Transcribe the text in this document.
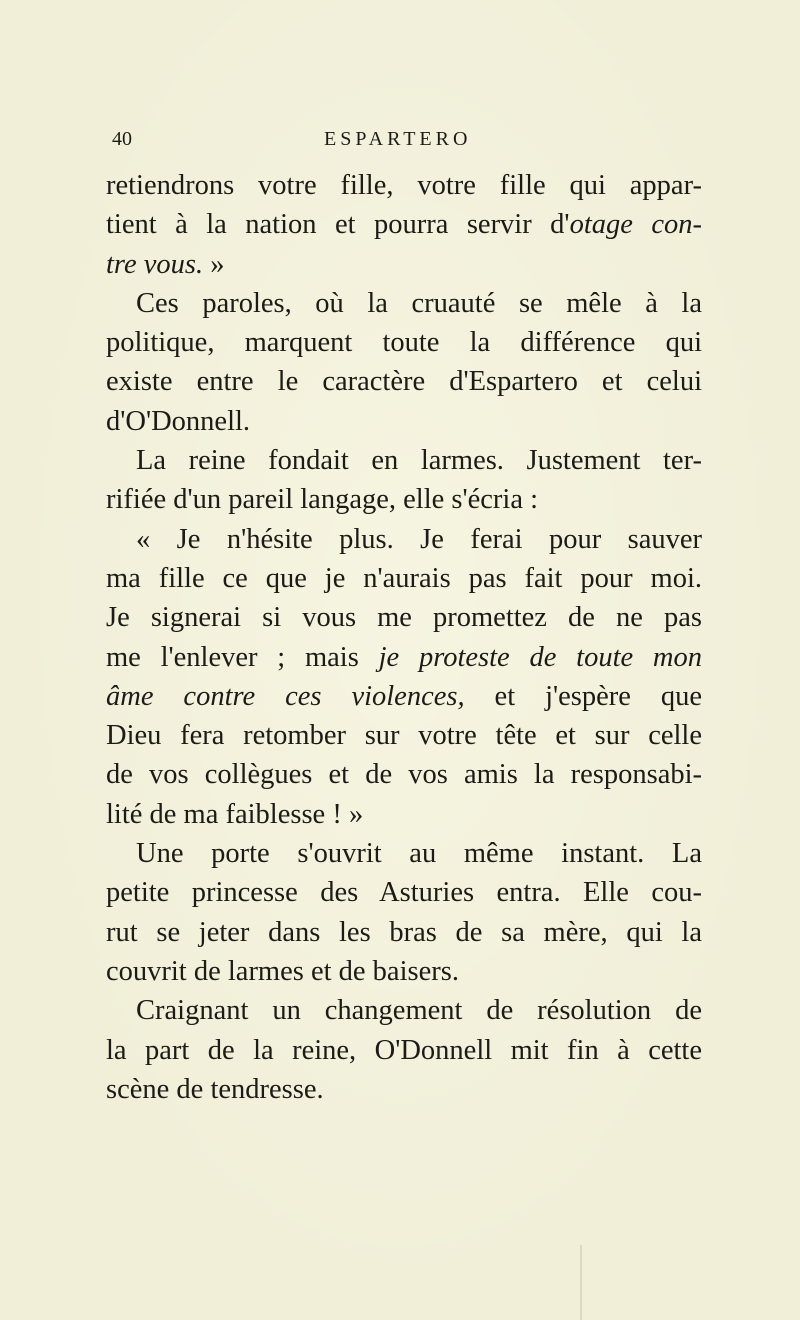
40	ESPARTERO
retiendrons votre fille, votre fille qui appar-
tient à la nation et pourra servir d'otage con-
tre vous. »
Ces paroles, où la cruauté se mêle à la
politique, marquent toute la différence qui
existe entre le caractère d'Espartero et celui
d'O'Donnell.
La reine fondait en larmes. Justement ter-
rifiée d'un pareil langage, elle s'écria :
« Je n'hésite plus. Je ferai pour sauver
ma fille ce que je n'aurais pas fait pour moi.
Je signerai si vous me promettez de ne pas
me l'enlever ; mais je proteste de toute mon
âme contre ces violences, et j'espère que
Dieu fera retomber sur votre tête et sur celle
de vos collègues et de vos amis la responsabi-
lité de ma faiblesse ! »
Une porte s'ouvrit au même instant. La
petite princesse des Asturies entra. Elle cou-
rut se jeter dans les bras de sa mère, qui la
couvrit de larmes et de baisers.
Craignant un changement de résolution de
la part de la reine, O'Donnell mit fin à cette
scène de tendresse.
